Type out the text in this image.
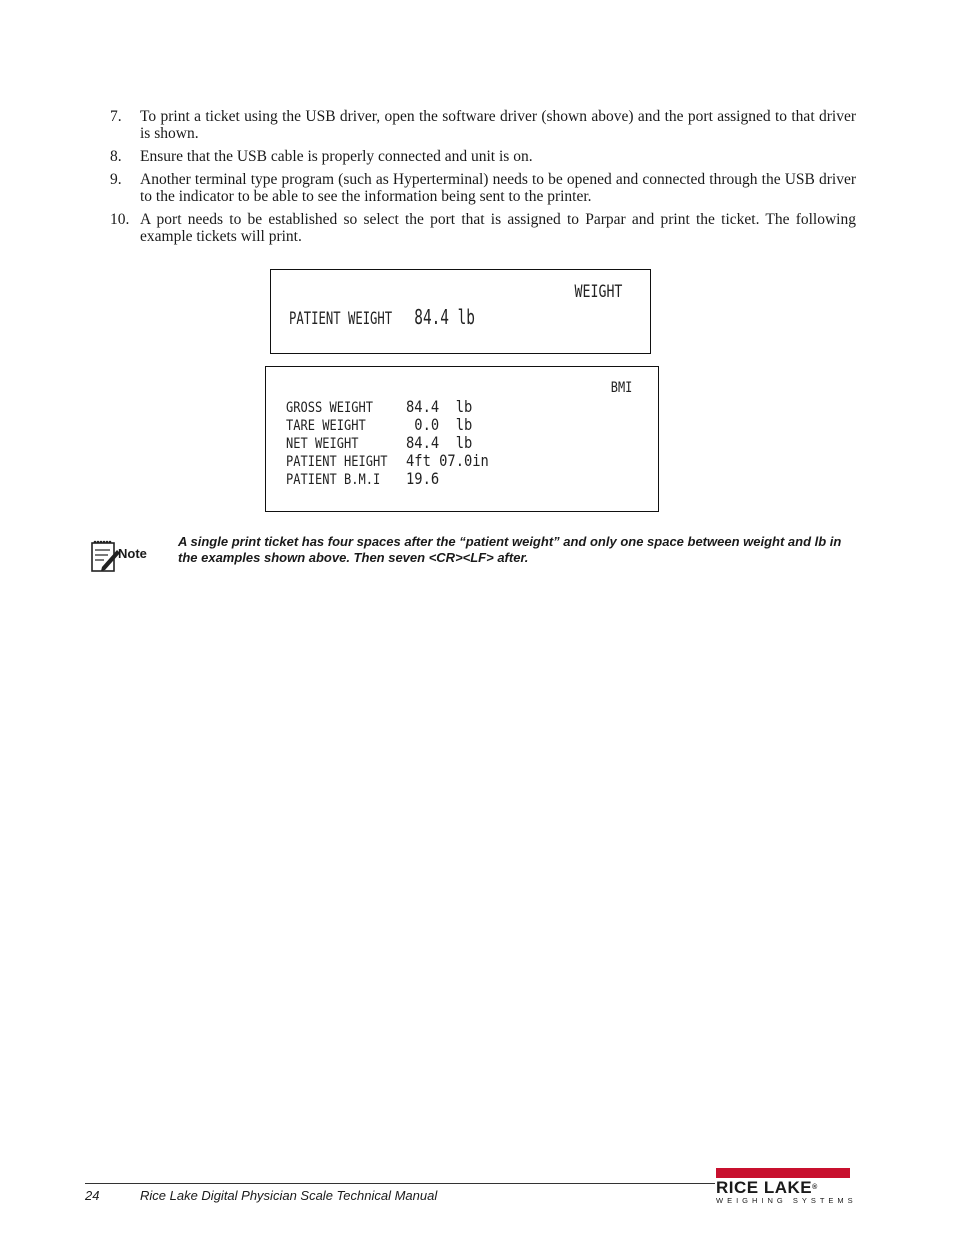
7. To print a ticket using the USB driver, open the software driver (shown above) and the port assigned to that driver is shown.
8. Ensure that the USB cable is properly connected and unit is on.
9. Another terminal type program (such as Hyperterminal) needs to be opened and connected through the USB driver to the indicator to be able to see the information being sent to the printer.
10. A port needs to be established so select the port that is assigned to Parpar and print the ticket. The following example tickets will print.
WEIGHT
PATIENT WEIGHT 84.4 lb
BMI
GROSS WEIGHT	84.4  lb
TARE WEIGHT	0.0  lb
NET WEIGHT	84.4  lb
PATIENT HEIGHT 4ft 07.0in
PATIENT B.M.I	19.6
Note
A single print ticket has four spaces after the “patient weight” and only one space between weight and lb in the examples shown above. Then seven <CR><LF> after.
24	Rice Lake Digital Physician Scale Technical Manual	RICE LAKE®
WEIGHING SYSTEMS
